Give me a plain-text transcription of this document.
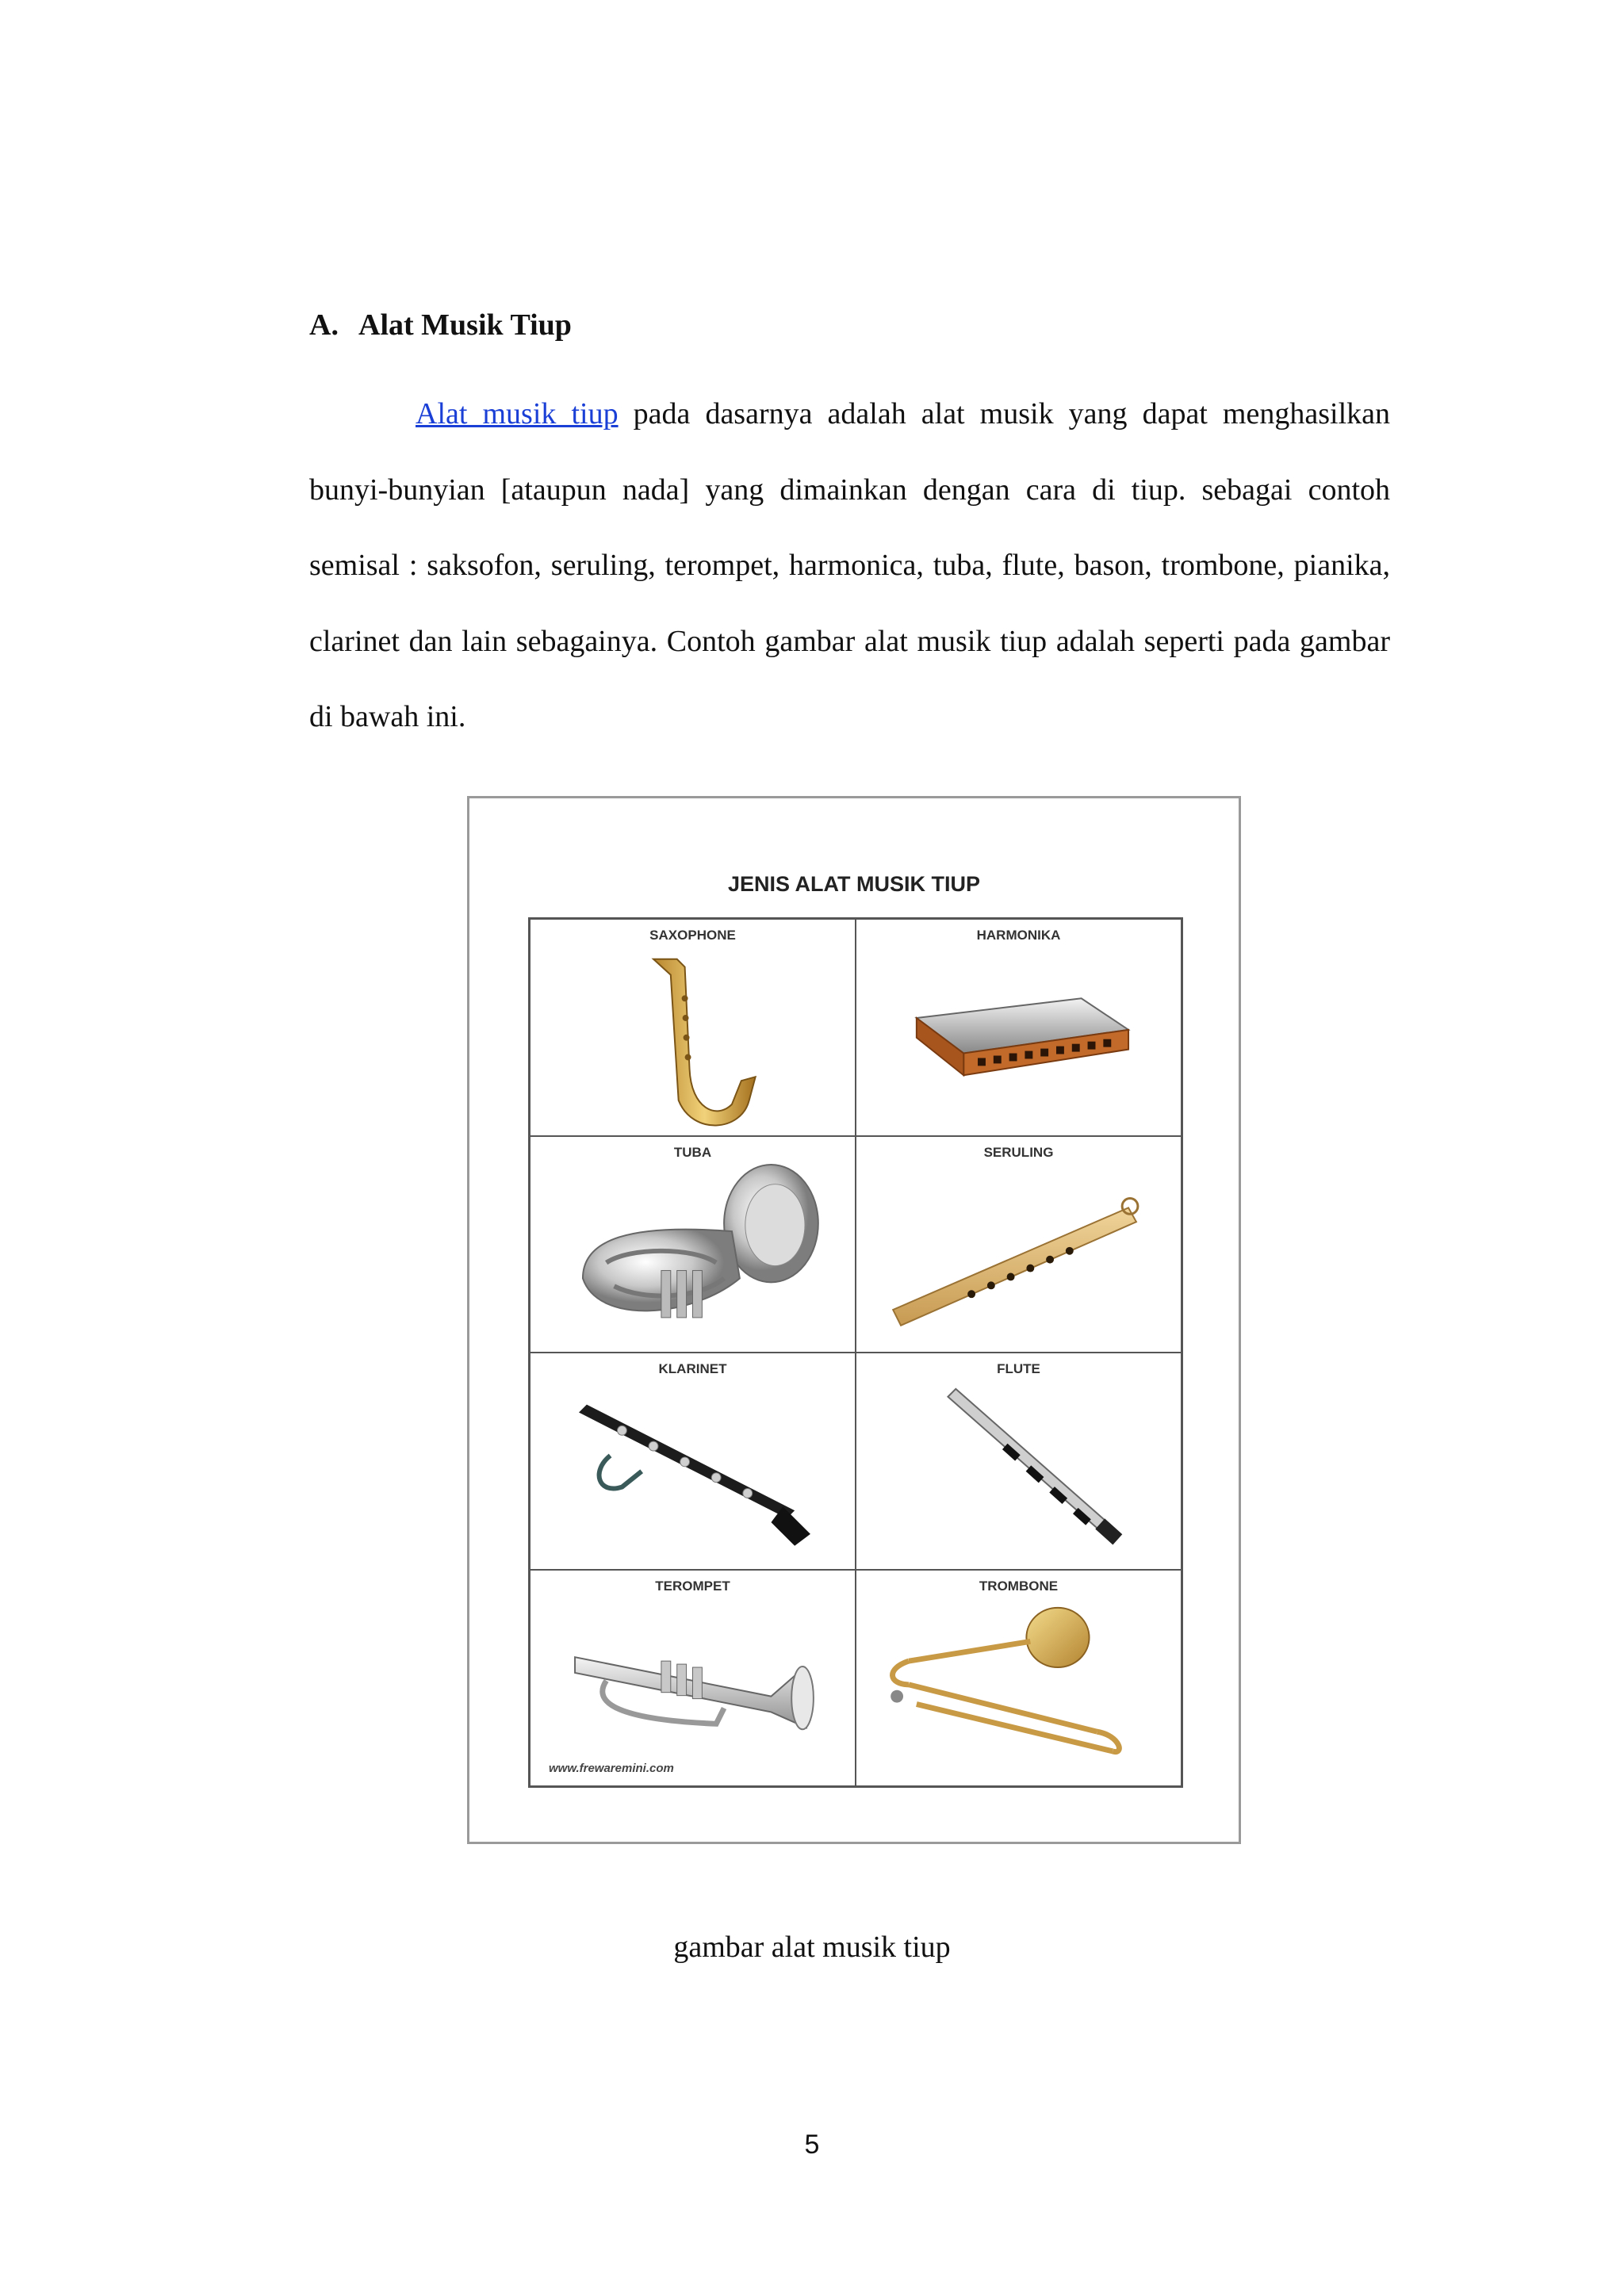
A. Alat Musik Tiup

Alat musik tiup pada dasarnya adalah alat musik yang dapat menghasilkan bunyi-bunyian [ataupun nada] yang dimainkan dengan cara di tiup. sebagai contoh semisal : saksofon, seruling, terompet, harmonica, tuba, flute, bason, trombone, pianika, clarinet dan lain sebagainya. Contoh gambar alat musik tiup adalah seperti pada gambar di bawah ini.

JENIS ALAT MUSIK TIUP
SAXOPHONE	HARMONIKA
TUBA	SERULING
KLARINET	FLUTE
TEROMPET	TROMBONE
www.frewaremini.com

gambar alat musik tiup

5
